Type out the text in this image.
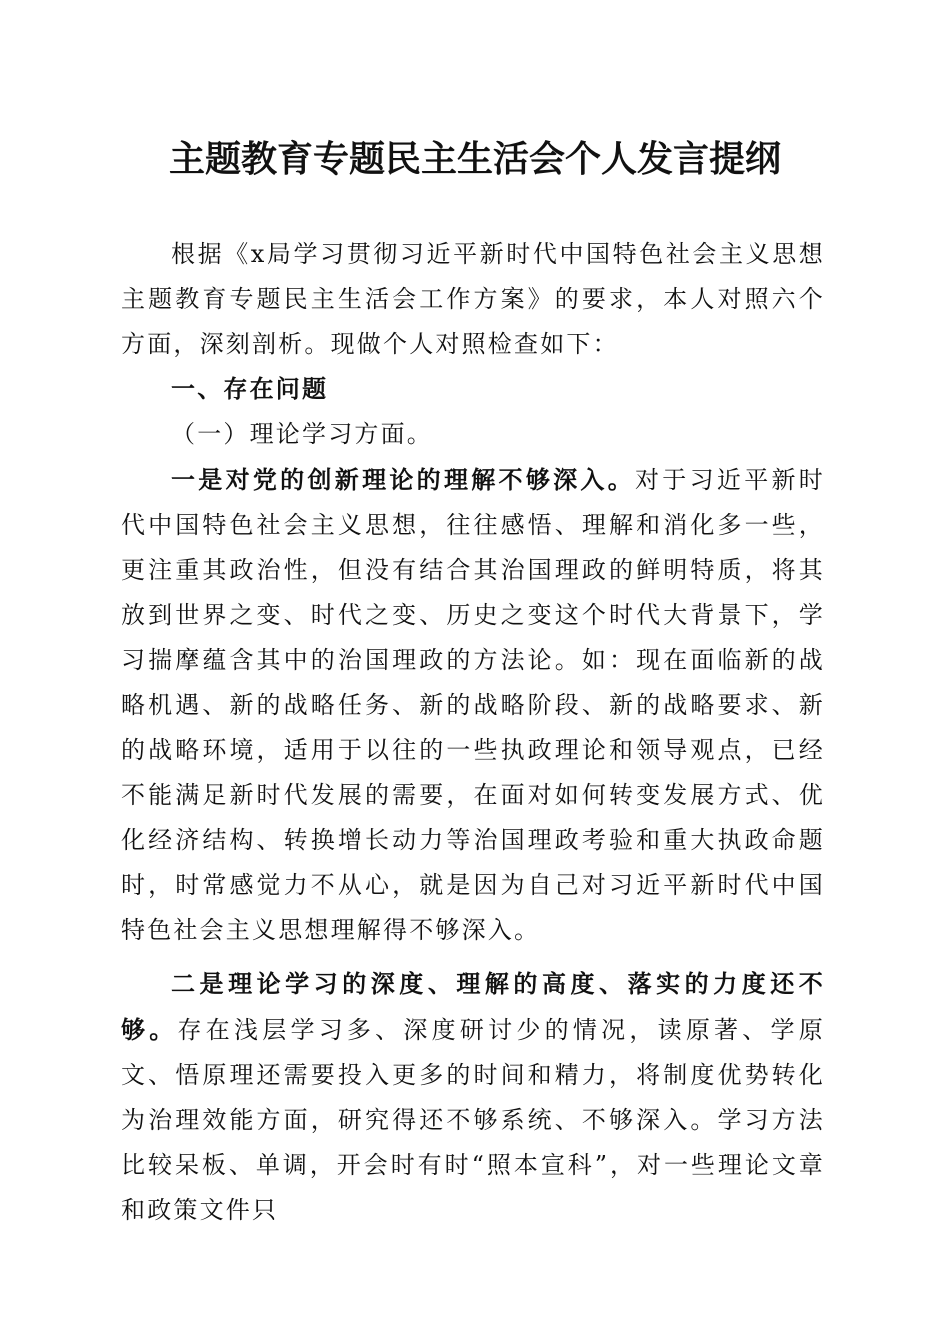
主题教育专题民主生活会个人发言提纲

根据《x局学习贯彻习近平新时代中国特色社会主义思想主题教育专题民主生活会工作方案》的要求，本人对照六个方面，深刻剖析。现做个人对照检查如下：

一、存在问题

（一）理论学习方面。

一是对党的创新理论的理解不够深入。对于习近平新时代中国特色社会主义思想，往往感悟、理解和消化多一些，更注重其政治性，但没有结合其治国理政的鲜明特质，将其放到世界之变、时代之变、历史之变这个时代大背景下，学习揣摩蕴含其中的治国理政的方法论。如：现在面临新的战略机遇、新的战略任务、新的战略阶段、新的战略要求、新的战略环境，适用于以往的一些执政理论和领导观点，已经不能满足新时代发展的需要，在面对如何转变发展方式、优化经济结构、转换增长动力等治国理政考验和重大执政命题时，时常感觉力不从心，就是因为自己对习近平新时代中国特色社会主义思想理解得不够深入。

二是理论学习的深度、理解的高度、落实的力度还不够。存在浅层学习多、深度研讨少的情况，读原著、学原文、悟原理还需要投入更多的时间和精力，将制度优势转化为治理效能方面，研究得还不够系统、不够深入。学习方法比较呆板、单调，开会时有时“照本宣科”，对一些理论文章和政策文件只
